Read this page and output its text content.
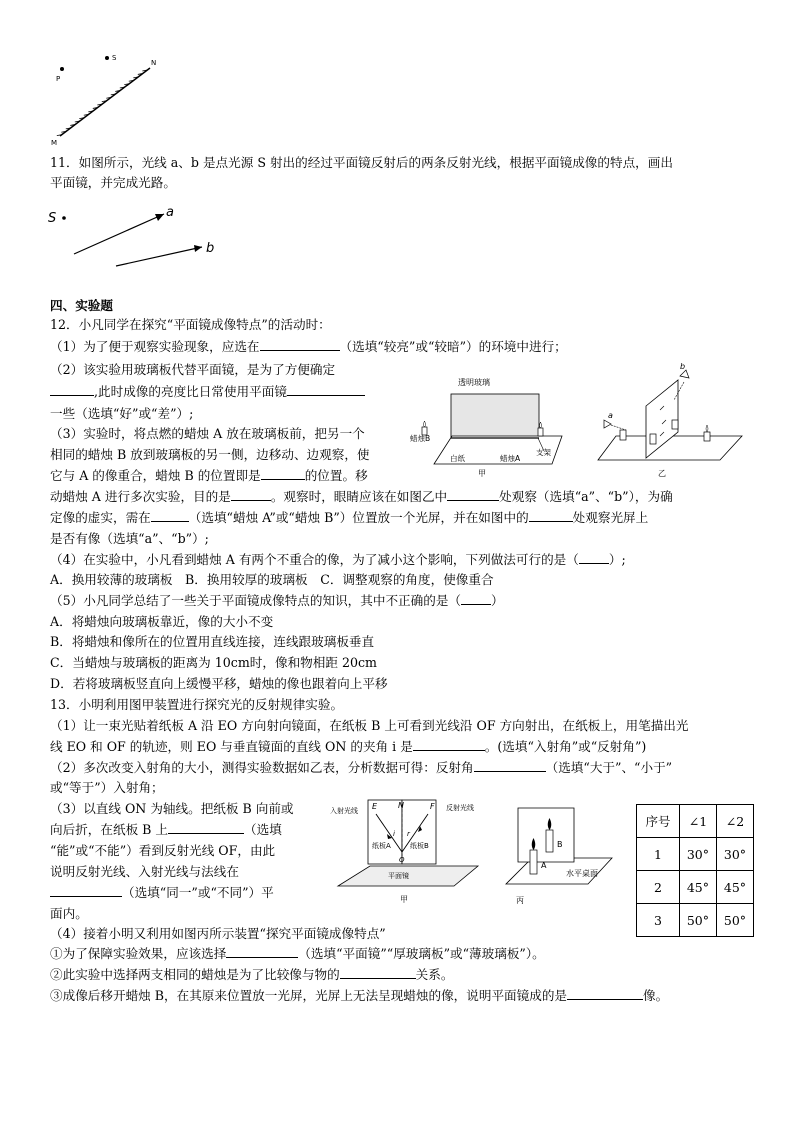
P
S
N
M
11．如图所示，光线 a、b 是点光源 S 射出的经过平面镜反射后的两条反射光线，根据平面镜成像的特点，画出
平面镜，并完成光路。
S	a
b
四、实验题
12．小凡同学在探究“平面镜成像特点”的活动时：
（1）为了便于观察实验现象，应选在	（选填“较亮”或“较暗”）的环境中进行；
（2）该实验用玻璃板代替平面镜，是为了方便确定
,此时成像的亮度比日常使用平面镜
一些（选填“好”或“差”）;
（3）实验时，将点燃的蜡烛 A 放在玻璃板前，把另一个
相同的蜡烛 B 放到玻璃板的另一侧，边移动、边观察，使
它与 A 的像重合，蜡烛 B 的位置即是	的位置。移
动蜡烛 A 进行多次实验，目的是	。观察时，眼睛应该在如图乙中	处观察（选填“a”、“b”），为确
定像的虚实，需在	（选填“蜡烛 A”或“蜡烛 B”）位置放一个光屏，并在如图中的	处观察光屏上
是否有像（选填“a”、“b”）;
（4）在实验中，小凡看到蜡烛 A 有两个不重合的像，为了减小这个影响，下列做法可行的是（ ）;
A．换用较薄的玻璃板　B．换用较厚的玻璃板　C．调整观察的角度，使像重合
（5）小凡同学总结了一些关于平面镜成像特点的知识，其中不正确的是（ ）
A．将蜡烛向玻璃板靠近，像的大小不变
B．将蜡烛和像所在的位置用直线连接，连线跟玻璃板垂直
C．当蜡烛与玻璃板的距离为 10cm时，像和物相距 20cm
D．若将玻璃板竖直向上缓慢平移，蜡烛的像也跟着向上平移
透明玻璃
蜡烛B
白纸	蜡烛A
支架
甲
a
b
乙
13．小明利用图甲装置进行探究光的反射规律实验。
（1）让一束光贴着纸板 A 沿 EO 方向射向镜面，在纸板 B 上可看到光线沿 OF 方向射出，在纸板上，用笔描出光
线 EO 和 OF 的轨迹，则 EO 与垂直镜面的直线 ON 的夹角 i 是	。(选填“入射角”或“反射角”)
（2）多次改变入射角的大小，测得实验数据如乙表，分析数据可得：反射角	（选填“大于”、“小于”
或“等于”）入射角；
（3）以直线 ON 为轴线。把纸板 B 向前或
向后折，在纸板 B 上	（选填
“能”或“不能”）看到反射光线 OF，由此
说明反射光线、入射光线与法线在
（选填“同一”或“不同”）平
面内。
（4）接着小明又利用如图丙所示装置“探究平面镜成像特点”
①为了保障实验效果，应该选择	（选填“平面镜”“厚玻璃板”或“薄玻璃板”）。
②此实验中选择两支相同的蜡烛是为了比较像与物的	关系。
③成像后移开蜡烛 B，在其原来位置放一光屏，光屏上无法呈现蜡烛的像，说明平面镜成的是	像。
入射光线	反射光线
E	N	F
i r
纸板A	纸板B
O
平面镜
甲
B
A
水平桌面
丙
序号	∠1	∠2
1	30°	30°
2	45°	45°
3	50°	50°
